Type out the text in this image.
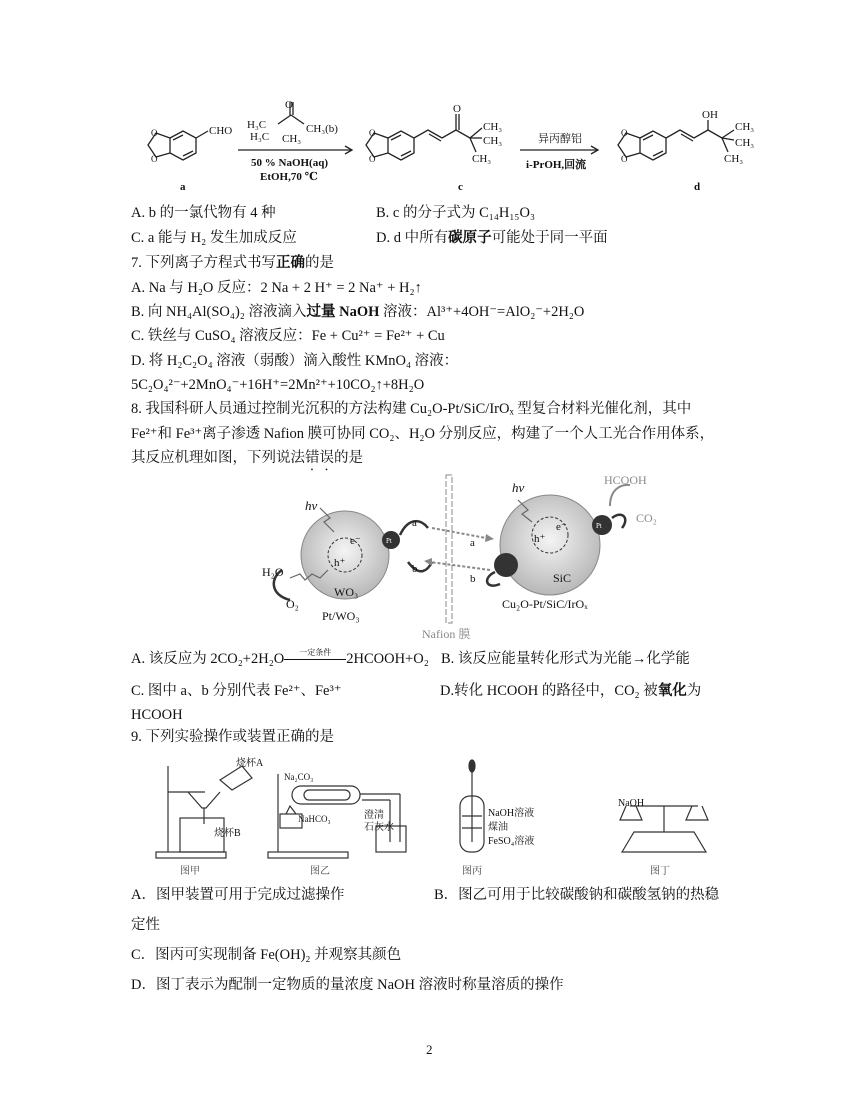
O
O
CHO
a
H₃C
O
CH₃(b)
H₃C CH₃
50 % NaOH(aq)
EtOH,70 ℃
O
O
O
CH₃
CH₃
CH₃
c
异丙醇铝
i-PrOH,回流
O
O
OH
CH₃
CH₃
CH₃
d
A. b 的一氯代物有 4 种	B. c 的分子式为 C₁₄H₁₅O₃
C. a 能与 H₂ 发生加成反应	D. d 中所有碳原子可能处于同一平面
7. 下列离子方程式书写正确的是
A. Na 与 H₂O 反应：2 Na + 2 H⁺ = 2 Na⁺ + H₂↑
B. 向 NH₄Al(SO₄)₂ 溶液滴入过量 NaOH 溶液：Al³⁺+4OH⁻=AlO₂⁻+2H₂O
C. 铁丝与 CuSO₄ 溶液反应：Fe + Cu²⁺ = Fe²⁺ + Cu
D. 将 H₂C₂O₄ 溶液（弱酸）滴入酸性 KMnO₄ 溶液：
5C₂O₄²⁻+2MnO₄⁻+16H⁺=2Mn²⁺+10CO₂↑+8H₂O
8. 我国科研人员通过控制光沉积的方法构建 Cu₂O-Pt/SiC/IrOₓ 型复合材料光催化剂，其中
Fe²⁺和 Fe³⁺离子渗透 Nafion 膜可协同 CO₂、H₂O 分别反应，构建了一个人工光合作用体系，
其反应机理如图，下列说法错误的是
Pt
Pt
hv
hv
e⁻
h⁺
WO₃
Pt/WO₃
H₂O
O₂
a
b
a
b
Nafion 膜
e⁻
h⁺
SiC
Cu₂O-Pt/SiC/IrOₓ
HCOOH
CO₂
A. 该反应为 2CO₂+2H₂O	一定条件	2HCOOH+O₂ B. 该反应能量转化形式为光能→化学能
C. 图中 a、b 分别代表 Fe²⁺、Fe³⁺	D.转化 HCOOH 的路径中，CO₂ 被氧化为
HCOOH
9. 下列实验操作或装置正确的是
烧杯A
烧杯B
图甲
Na₂CO₃
NaHCO₃	澄清
石灰水
图乙
NaOH溶液
煤油
FeSO₄溶液
图丙
NaOH
图丁
A．图甲装置可用于完成过滤操作	B．图乙可用于比较碳酸钠和碳酸氢钠的热稳
定性
C．图丙可实现制备 Fe(OH)₂ 并观察其颜色
D．图丁表示为配制一定物质的量浓度 NaOH 溶液时称量溶质的操作
2
